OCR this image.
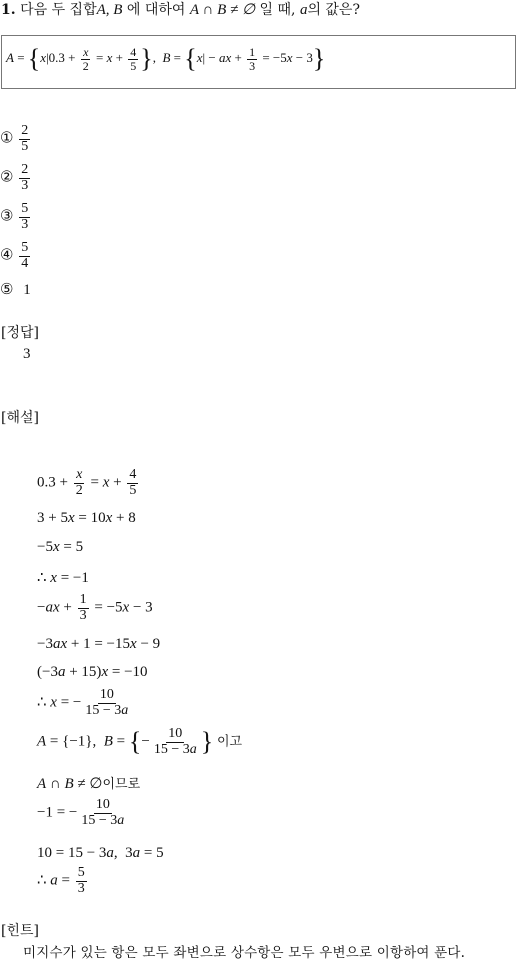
1. 다음 두 집합A, B 에 대하여 A ∩ B ≠ ∅ 일 때, a의 값은?
$A = \{x|0.3 + \frac{x}{2} = x + \frac{4}{5}$ },  B = {x| − ax + $\frac{1}{3} = -5x - 3$}
① $\frac{2}{5}$
② $\frac{2}{3}$
③ $\frac{5}{3}$
④ $\frac{5}{4}$
⑤ 1
[정답]
3
[해설]
$0.3 + \frac{x}{2} = x + \frac{4}{5}$
3 + 5x = 10x + 8
−5x = 5
∴ x = −1
$-ax + \frac{1}{3} = -5x - 3$
−3ax + 1 = −15x − 9
(−3a + 15)x = −10
∴ x = − $\frac{10}{15 - 3a}$
A = {−1},  B = {− $\frac{10}{15 - 3a}$ } 이고
A ∩ B ≠ ∅이므로
−1 = − $\frac{10}{15 - 3a}$
10 = 15 − 3a,  3a = 5
∴ $a = \frac{5}{3}$
[힌트]
미지수가 있는 항은 모두 좌변으로 상수항은 모두 우변으로 이항하여 푼다.
